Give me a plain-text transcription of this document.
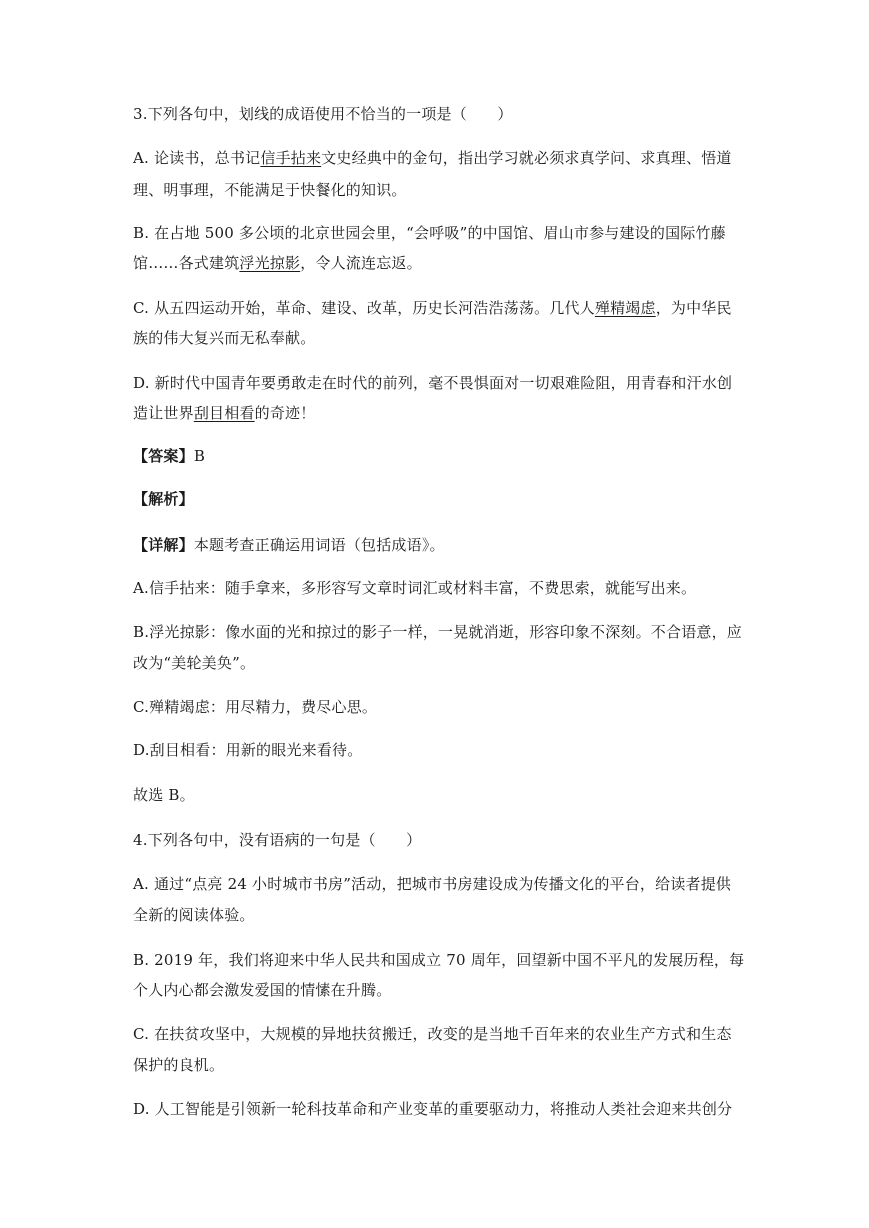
3.下列各句中，划线的成语使用不恰当的一项是（　　）
A. 论读书，总书记信手拈来文史经典中的金句，指出学习就必须求真学问、求真理、悟道
理、明事理，不能满足于快餐化的知识。
B. 在占地 500 多公顷的北京世园会里，“会呼吸”的中国馆、眉山市参与建设的国际竹藤
馆……各式建筑浮光掠影，令人流连忘返。
C. 从五四运动开始，革命、建设、改革，历史长河浩浩荡荡。几代人殚精竭虑，为中华民
族的伟大复兴而无私奉献。
D. 新时代中国青年要勇敢走在时代的前列，毫不畏惧面对一切艰难险阻，用青春和汗水创
造让世界刮目相看的奇迹！
【答案】B
【解析】
【详解】本题考查正确运用词语（包括成语》。
A.信手拈来：随手拿来，多形容写文章时词汇或材料丰富，不费思索，就能写出来。
B.浮光掠影：像水面的光和掠过的影子一样，一晃就消逝，形容印象不深刻。不合语意，应
改为“美轮美奂”。
C.殚精竭虑：用尽精力，费尽心思。
D.刮目相看：用新的眼光来看待。
故选 B。
4.下列各句中，没有语病的一句是（　　）
A. 通过“点亮 24 小时城市书房”活动，把城市书房建设成为传播文化的平台，给读者提供
全新的阅读体验。
B. 2019 年，我们将迎来中华人民共和国成立 70 周年，回望新中国不平凡的发展历程，每
个人内心都会激发爱国的情愫在升腾。
C. 在扶贫攻坚中，大规模的异地扶贫搬迁，改变的是当地千百年来的农业生产方式和生态
保护的良机。
D. 人工智能是引领新一轮科技革命和产业变革的重要驱动力，将推动人类社会迎来共创分
